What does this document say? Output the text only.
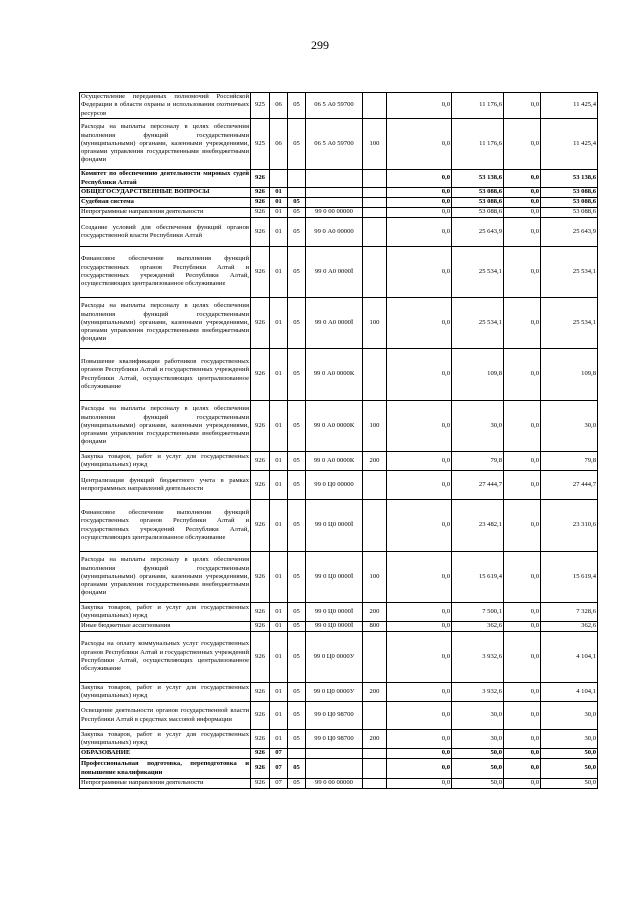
299
Осуществление переданных полномочий Российской Федерации в области охраны и использования охотничьих ресурсов	925	06	05	06 5 А0 59700		0,0	11 176,6	0,0	11 425,4
Расходы на выплаты персоналу в целях обеспечения выполнения функций государственными (муниципальными) органами, казенными учреждениями, органами управления государственными внебюджетными фондами	925	06	05	06 5 А0 59700	100	0,0	11 176,6	0,0	11 425,4
Комитет по обеспечению деятельности мировых судей Республики Алтай	926					0,0	53 138,6	0,0	53 138,6
ОБЩЕГОСУДАРСТВЕННЫЕ ВОПРОСЫ	926	01				0,0	53 088,6	0,0	53 088,6
Судебная система	926	01	05			0,0	53 088,6	0,0	53 088,6
Непрограммные направления деятельности	926	01	05	99 0 00 00000		0,0	53 088,6	0,0	53 088,6
Создание условий для обеспечения функций органов государственной власти Республики Алтай	926	01	05	99 0 А0 00000		0,0	25 643,9	0,0	25 643,9
Финансовое обеспечение выполнения функций государственных органов Республики Алтай и государственных учреждений Республики Алтай, осуществляющих централизованное обслуживание	926	01	05	99 0 А0 0000Ї		0,0	25 534,1	0,0	25 534,1
Расходы на выплаты персоналу в целях обеспечения выполнения функций государственными (муниципальными) органами, казенными учреждениями, органами управления государственными внебюджетными фондами	926	01	05	99 0 А0 0000Ї	100	0,0	25 534,1	0,0	25 534,1
Повышение квалификации работников государственных органов Республики Алтай и государственных учреждений Республики Алтай, осуществляющих централизованное обслуживание	926	01	05	99 0 А0 0000К		0,0	109,8	0,0	109,8
Расходы на выплаты персоналу в целях обеспечения выполнения функций государственными (муниципальными) органами, казенными учреждениями, органами управления государственными внебюджетными фондами	926	01	05	99 0 А0 0000К	100	0,0	30,0	0,0	30,0
Закупка товаров, работ и услуг для государственных (муниципальных) нужд	926	01	05	99 0 А0 0000К	200	0,0	79,8	0,0	79,8
Централизация функций бюджетного учета в рамках непрограммных направлений деятельности	926	01	05	99 0 Ц0 00000		0,0	27 444,7	0,0	27 444,7
Финансовое обеспечение выполнения функций государственных органов Республики Алтай и государственных учреждений Республики Алтай, осуществляющих централизованное обслуживание	926	01	05	99 0 Ц0 0000Ї		0,0	23 482,1	0,0	23 310,6
Расходы на выплаты персоналу в целях обеспечения выполнения функций государственными (муниципальными) органами, казенными учреждениями, органами управления государственными внебюджетными фондами	926	01	05	99 0 Ц0 0000Ї	100	0,0	15 619,4	0,0	15 619,4
Закупка товаров, работ и услуг для государственных (муниципальных) нужд	926	01	05	99 0 Ц0 0000Ї	200	0,0	7 500,1	0,0	7 328,6
Иные бюджетные ассигнования	926	01	05	99 0 Ц0 0000Ї	800	0,0	362,6	0,0	362,6
Расходы на оплату коммунальных услуг государственных органов Республики Алтай и государственных учреждений Республики Алтай, осуществляющих централизованное обслуживание	926	01	05	99 0 Ц0 0000У		0,0	3 932,6	0,0	4 104,1
Закупка товаров, работ и услуг для государственных (муниципальных) нужд	926	01	05	99 0 Ц0 0000У	200	0,0	3 932,6	0,0	4 104,1
Освещение деятельности органов государственной власти Республики Алтай в средствах массовой информации	926	01	05	99 0 Ц0 98700		0,0	30,0	0,0	30,0
Закупка товаров, работ и услуг для государственных (муниципальных) нужд	926	01	05	99 0 Ц0 98700	200	0,0	30,0	0,0	30,0
ОБРАЗОВАНИЕ	926	07				0,0	50,0	0,0	50,0
Профессиональная подготовка, переподготовка и повышение квалификации	926	07	05			0,0	50,0	0,0	50,0
Непрограммные направления деятельности	926	07	05	99 0 00 00000		0,0	50,0	0,0	50,0
